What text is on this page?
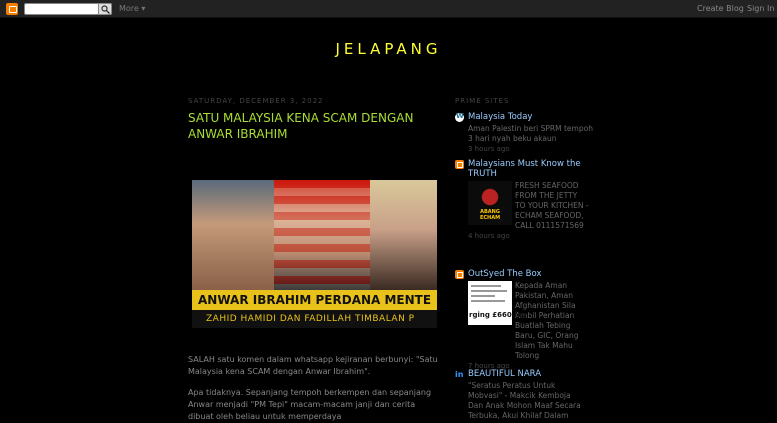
More ▾	Create Blog Sign In
JELAPANG
SATURDAY, DECEMBER 3, 2022
SATU MALAYSIA KENA SCAM DENGAN ANWAR IBRAHIM
ANWAR IBRAHIM PERDANA MENTE
ZAHID HAMIDI DAN FADILLAH TIMBALAN P

SALAH satu komen dalam whatsapp kejiranan berbunyi: "Satu Malaysia kena SCAM dengan Anwar Ibrahim".

Apa tidaknya. Sepanjang tempoh berkempen dan sepanjang Anwar menjadi "PM Tepi" macam-macam janji dan cerita dibuat oleh beliau untuk memperdaya

PRIME SITES
W
Malaysia Today
Aman Palestin beri SPRM tempoh 3 hari nyah beku akaun
3 hours ago
Malaysians Must Know the TRUTH
FRESH SEAFOOD FROM THE JETTY TO YOUR KITCHEN - ECHAM SEAFOOD, CALL 0111571569
4 hours ago
ABANG ECHAM
OutSyed The Box
Kepada Aman Pakistan, Aman Afghanistan Sila Ambil Perhatian Buatlah Tebing Baru, GIC, Orang Islam Tak Mahu Tolong
7 hours ago
rging £660 fee
in BEAUTIFUL NARA
"Seratus Peratus Untuk Mobvasi" - Makcik Kemboja Dan Anak Mohon Maaf Secara Terbuka, Akui Khilaf Dalam
